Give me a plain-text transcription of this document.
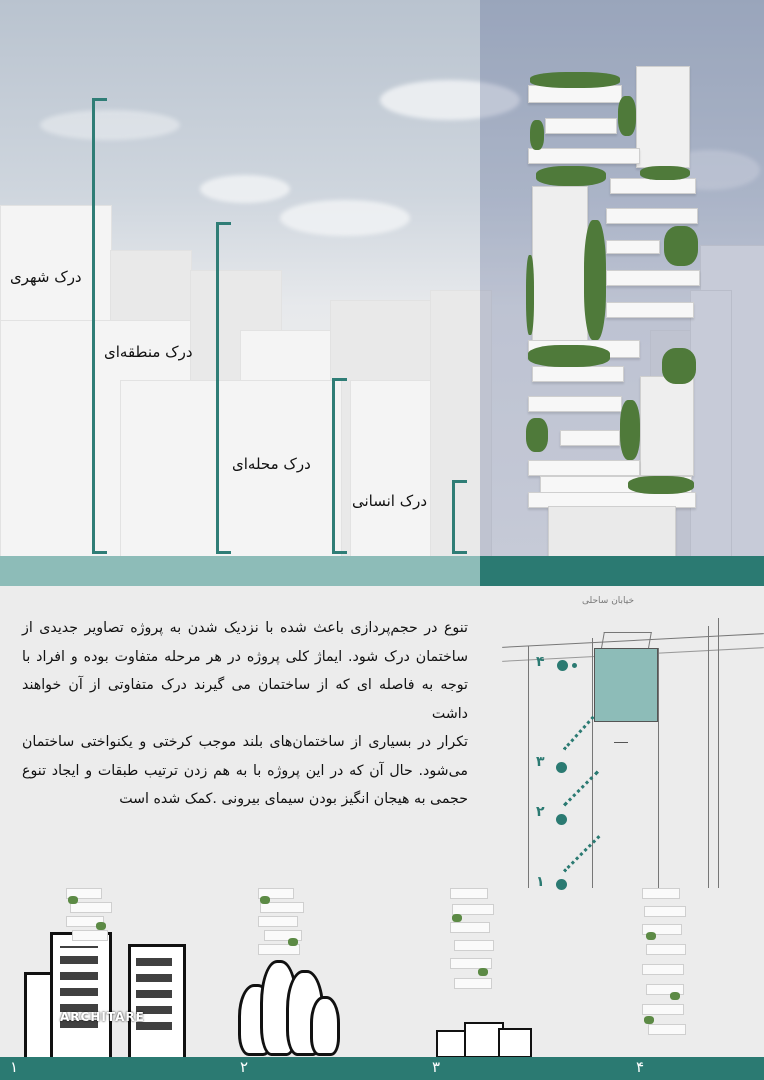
درک شهری
درک منطقه‌ای
درک محله‌ای
درک انسانی

تنوع در حجم‌پردازی باعث شده با نزدیک شدن به پروژه تصاویر جدیدی از ساختمان درک شود. ایماژ کلی پروژه در هر مرحله متفاوت بوده و افراد با توجه به فاصله ای که از ساختمان می گیرند درک متفاوتی از آن خواهند داشت

تکرار در بسیاری از ساختمان‌های بلند موجب کرختی و یکنواختی ساختمان می‌شود. حال آن که در این پروژه با به هم زدن ترتیب طبقات و ایجاد تنوع حجمی به هیجان انگیز بودن سیمای بیرونی .کمک شده است

خیابان ساحلی
۴
۳
۲
۱
ARCHITARE
۱	۲	۳	۴
